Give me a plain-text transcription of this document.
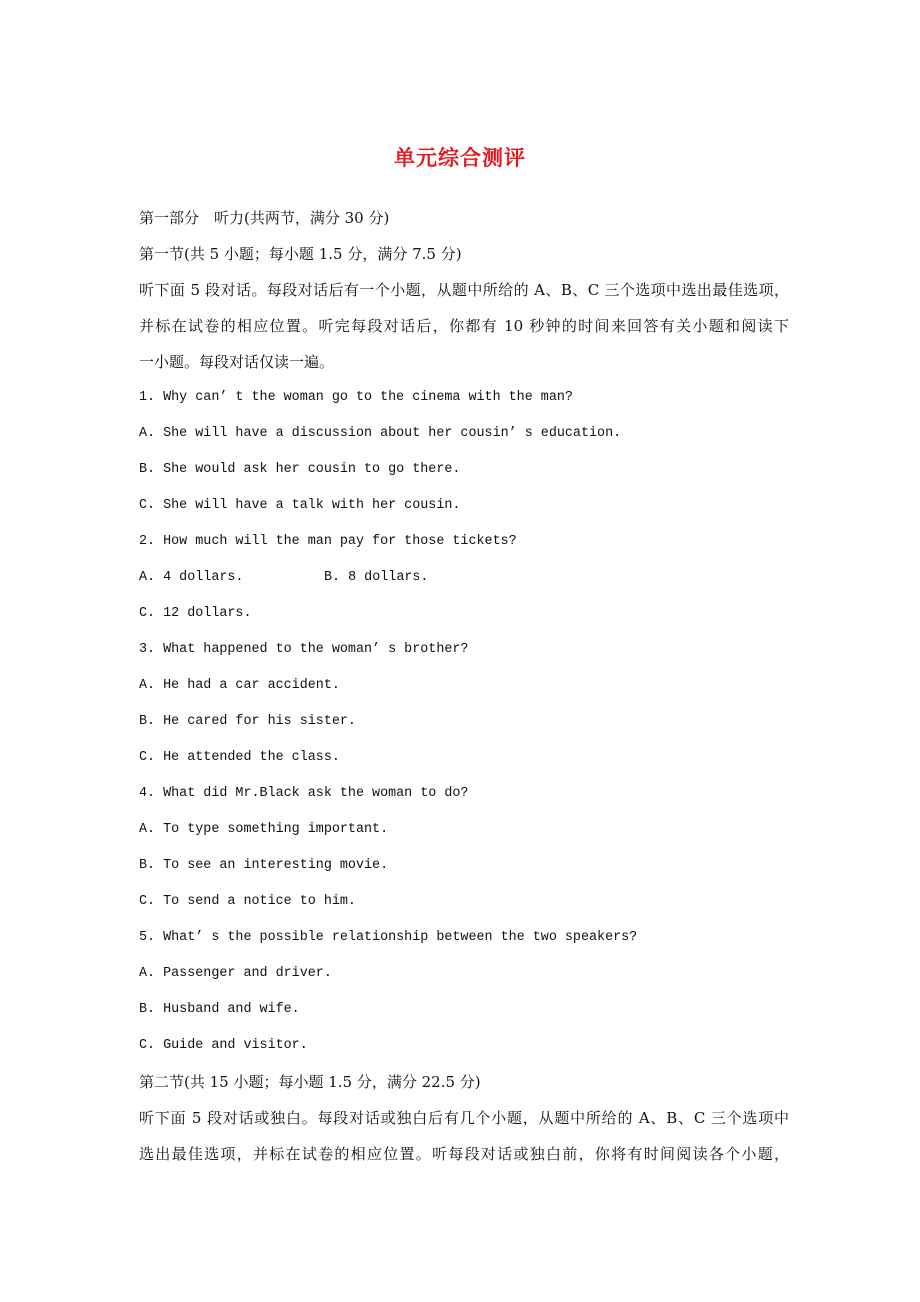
单元综合测评
第一部分　听力(共两节，满分 30 分)
第一节(共 5 小题；每小题 1.5 分，满分 7.5 分)
听下面 5 段对话。每段对话后有一个小题，从题中所给的 A、B、C 三个选项中选出最佳选项，
并标在试卷的相应位置。听完每段对话后，你都有 10 秒钟的时间来回答有关小题和阅读下
一小题。每段对话仅读一遍。
1. Why can’ t the woman go to the cinema with the man?
A. She will have a discussion about her cousin’ s education.
B. She would ask her cousin to go there.
C. She will have a talk with her cousin.
2. How much will the man pay for those tickets?
A. 4 dollars.	B. 8 dollars.
C. 12 dollars.
3. What happened to the woman’ s brother?
A. He had a car accident.
B. He cared for his sister.
C. He attended the class.
4. What did Mr.Black ask the woman to do?
A. To type something important.
B. To see an interesting movie.
C. To send a notice to him.
5. What’ s the possible relationship between the two speakers?
A. Passenger and driver.
B. Husband and wife.
C. Guide and visitor.
第二节(共 15 小题；每小题 1.5 分，满分 22.5 分)
听下面 5 段对话或独白。每段对话或独白后有几个小题，从题中所给的 A、B、C 三个选项中
选出最佳选项，并标在试卷的相应位置。听每段对话或独白前，你将有时间阅读各个小题，
